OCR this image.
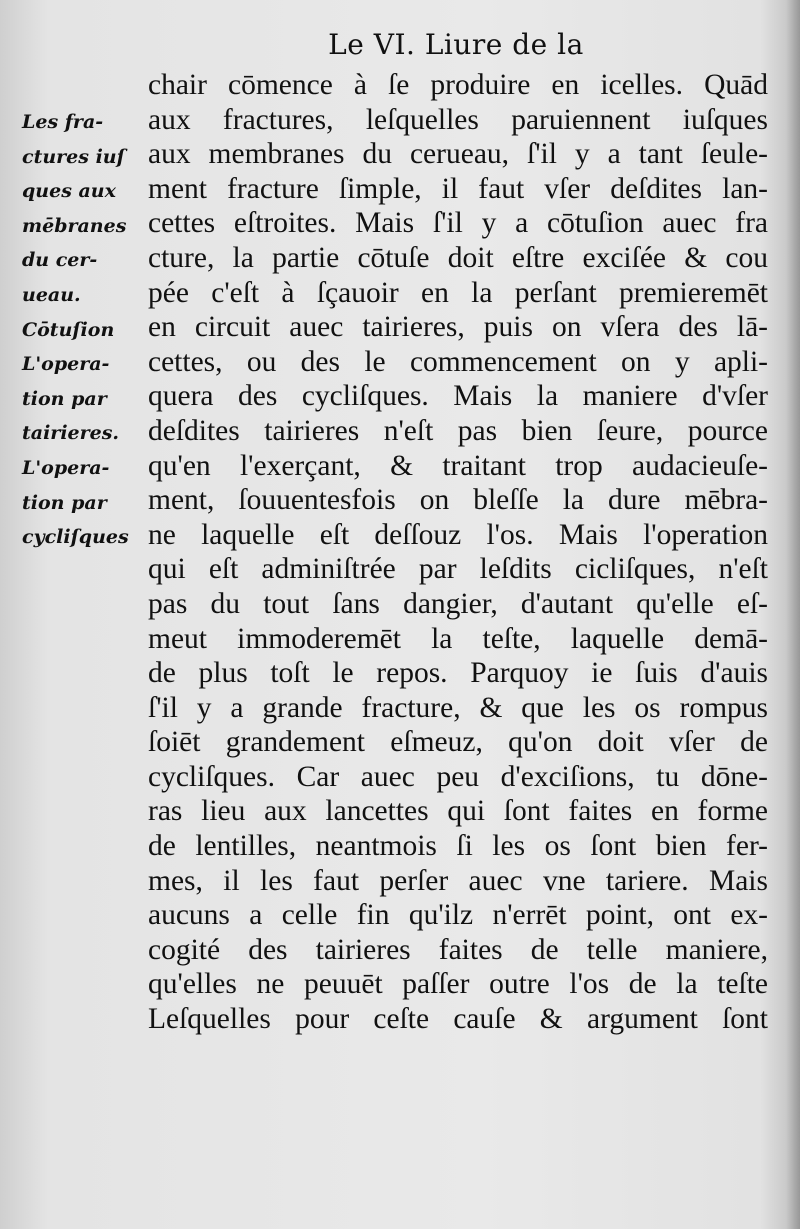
Le VI. Liure de la
Les fra-
ctures iuſ
ques aux
mēbranes
du cer-
ueau.
Cōtuſion
L'opera-
tion par
tairieres.
L'opera-
tion par
cycliſques
chair cōmence à ſe produire en icelles. Quād
aux fractures, leſquelles paruiennent iuſques
aux membranes du cerueau, ſ'il y a tant ſeule-
ment fracture ſimple, il faut vſer deſdites lan-
cettes eſtroites. Mais ſ'il y a cōtuſion auec fra
cture, la partie cōtuſe doit eſtre exciſée & cou
pée c'eſt à ſçauoir en la perſant premieremēt
en circuit auec tairieres, puis on vſera des lā-
cettes, ou des le commencement on y apli-
quera des cycliſques. Mais la maniere d'vſer
deſdites tairieres n'eſt pas bien ſeure, pource
qu'en l'exerçant, & traitant trop audacieuſe-
ment, ſouuentesfois on bleſſe la dure mēbra-
ne laquelle eſt deſſouz l'os. Mais l'operation
qui eſt adminiſtrée par leſdits cicliſques, n'eſt
pas du tout ſans dangier, d'autant qu'elle eſ-
meut immoderemēt la teſte, laquelle demā-
de plus toſt le repos. Parquoy ie ſuis d'auis
ſ'il y a grande fracture, & que les os rompus
ſoiēt grandement eſmeuz, qu'on doit vſer de
cycliſques. Car auec peu d'exciſions, tu dōne-
ras lieu aux lancettes qui ſont faites en forme
de lentilles, neantmois ſi les os ſont bien fer-
mes, il les faut perſer auec vne tariere. Mais
aucuns a celle fin qu'ilz n'errēt point, ont ex-
cogité des tairieres faites de telle maniere,
qu'elles ne peuuēt paſſer outre l'os de la teſte
Leſquelles pour ceſte cauſe & argument ſont
